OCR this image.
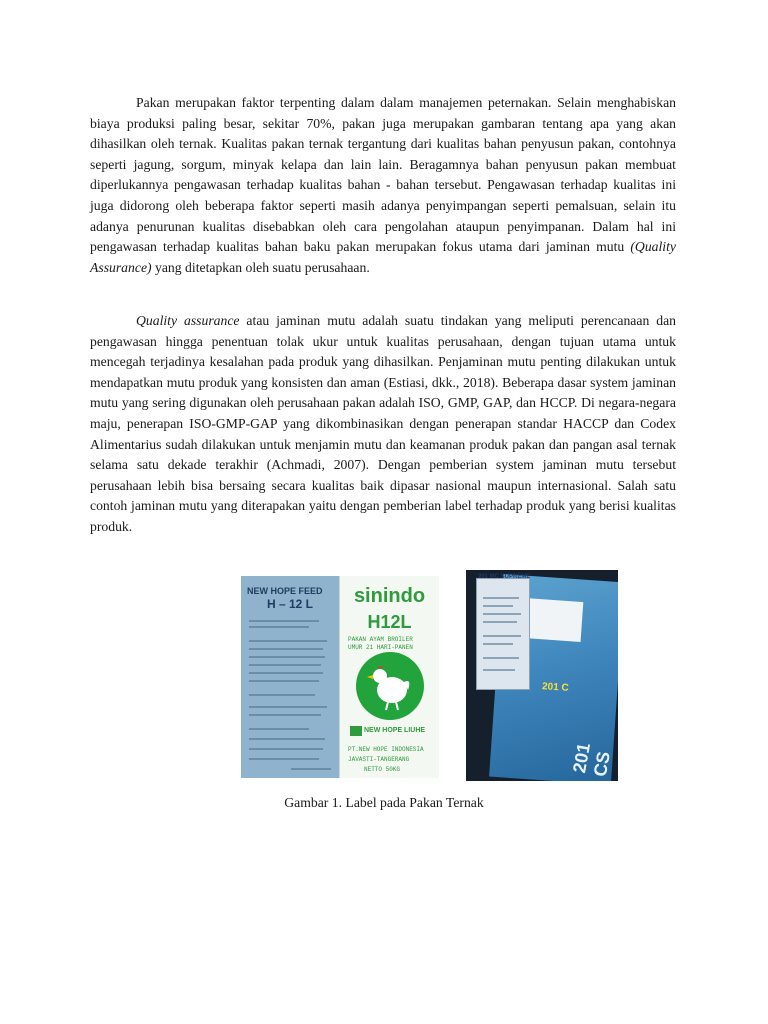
Pakan merupakan faktor terpenting dalam dalam manajemen peternakan. Selain menghabiskan biaya produksi paling besar, sekitar 70%, pakan juga merupakan gambaran tentang apa yang akan dihasilkan oleh ternak. Kualitas pakan ternak tergantung dari kualitas bahan penyusun pakan, contohnya seperti jagung, sorgum, minyak kelapa dan lain lain. Beragamnya bahan penyusun pakan membuat diperlukannya pengawasan terhadap kualitas bahan - bahan tersebut. Pengawasan terhadap kualitas ini juga didorong oleh beberapa faktor seperti masih adanya penyimpangan seperti pemalsuan, selain itu adanya penurunan kualitas disebabkan oleh cara pengolahan ataupun penyimpanan. Dalam hal ini pengawasan terhadap kualitas bahan baku pakan merupakan fokus utama dari jaminan mutu (Quality Assurance) yang ditetapkan oleh suatu perusahaan.

Quality assurance atau jaminan mutu adalah suatu tindakan yang meliputi perencanaan dan pengawasan hingga penentuan tolak ukur untuk kualitas perusahaan, dengan tujuan utama untuk mencegah terjadinya kesalahan pada produk yang dihasilkan. Penjaminan mutu penting dilakukan untuk mendapatkan mutu produk yang konsisten dan aman (Estiasi, dkk., 2018). Beberapa dasar system jaminan mutu yang sering digunakan oleh perusahaan pakan adalah ISO, GMP, GAP, dan HCCP. Di negara-negara maju, penerapan ISO-GMP-GAP yang dikombinasikan dengan penerapan standar HACCP dan Codex Alimentarius sudah dilakukan untuk menjamin mutu dan keamanan produk pakan dan pangan asal ternak selama satu dekade terakhir (Achmadi, 2007). Dengan pemberian system jaminan mutu tersebut perusahaan lebih bisa bersaing secara kualitas baik dipasar nasional maupun internasional. Salah satu contoh jaminan mutu yang diterapakan yaitu dengan pemberian label terhadap produk yang berisi kualitas produk.

NEW HOPE FEED
H – 12 L	sinindo
H12L
PAKAN AYAM BROILER
UMUR 21 HARI-PANEN
NEW HOPE LIUHE
PT.NEW HOPE INDONESIA
JAVASTI-TANGERANG
NETTO 50KG
201 MC SUPREME
201 C
201 CS

Gambar 1. Label pada Pakan Ternak
